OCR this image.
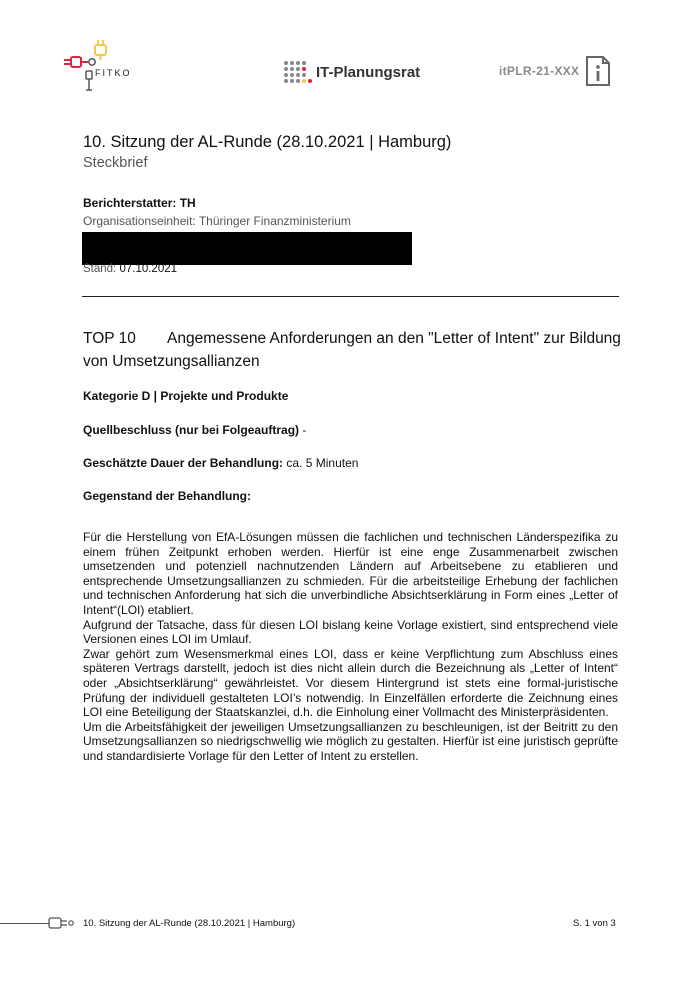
FITKO	IT-Planungsrat	itPLR-21-XXX
10. Sitzung der AL-Runde (28.10.2021 | Hamburg)
Steckbrief
Berichterstatter: TH
Organisationseinheit: Thüringer Finanzministerium
Stand: 07.10.2021
TOP 10 Angemessene Anforderungen an den "Letter of Intent" zur Bildung von Umsetzungsallianzen
Kategorie D | Projekte und Produkte
Quellbeschluss (nur bei Folgeauftrag) -
Geschätzte Dauer der Behandlung: ca. 5 Minuten
Gegenstand der Behandlung:

Für die Herstellung von EfA-Lösungen müssen die fachlichen und technischen Länderspezifika zu einem frühen Zeitpunkt erhoben werden. Hierfür ist eine enge Zusammenarbeit zwischen umsetzenden und potenziell nachnutzenden Ländern auf Arbeitsebene zu etablieren und entsprechende Umsetzungsallianzen zu schmieden. Für die arbeitsteilige Erhebung der fachlichen und technischen Anforderung hat sich die unverbindliche Absichtserklärung in Form eines „Letter of Intent“(LOI) etabliert.

Aufgrund der Tatsache, dass für diesen LOI bislang keine Vorlage existiert, sind entsprechend viele Versionen eines LOI im Umlauf.

Zwar gehört zum Wesensmerkmal eines LOI, dass er keine Verpflichtung zum Abschluss eines späteren Vertrags darstellt, jedoch ist dies nicht allein durch die Bezeichnung als „Letter of Intent“ oder „Absichtserklärung“ gewährleistet. Vor diesem Hintergrund ist stets eine formal-juristische Prüfung der individuell gestalteten LOI’s notwendig. In Einzelfällen erforderte die Zeichnung eines LOI eine Beteiligung der Staatskanzlei, d.h. die Einholung einer Vollmacht des Ministerpräsidenten.

Um die Arbeitsfähigkeit der jeweiligen Umsetzungsallianzen zu beschleunigen, ist der Beitritt zu den Umsetzungsallianzen so niedrigschwellig wie möglich zu gestalten. Hierfür ist eine juristisch geprüfte und standardisierte Vorlage für den Letter of Intent zu erstellen.

10. Sitzung der AL-Runde (28.10.2021 | Hamburg)	S. 1 von 3
